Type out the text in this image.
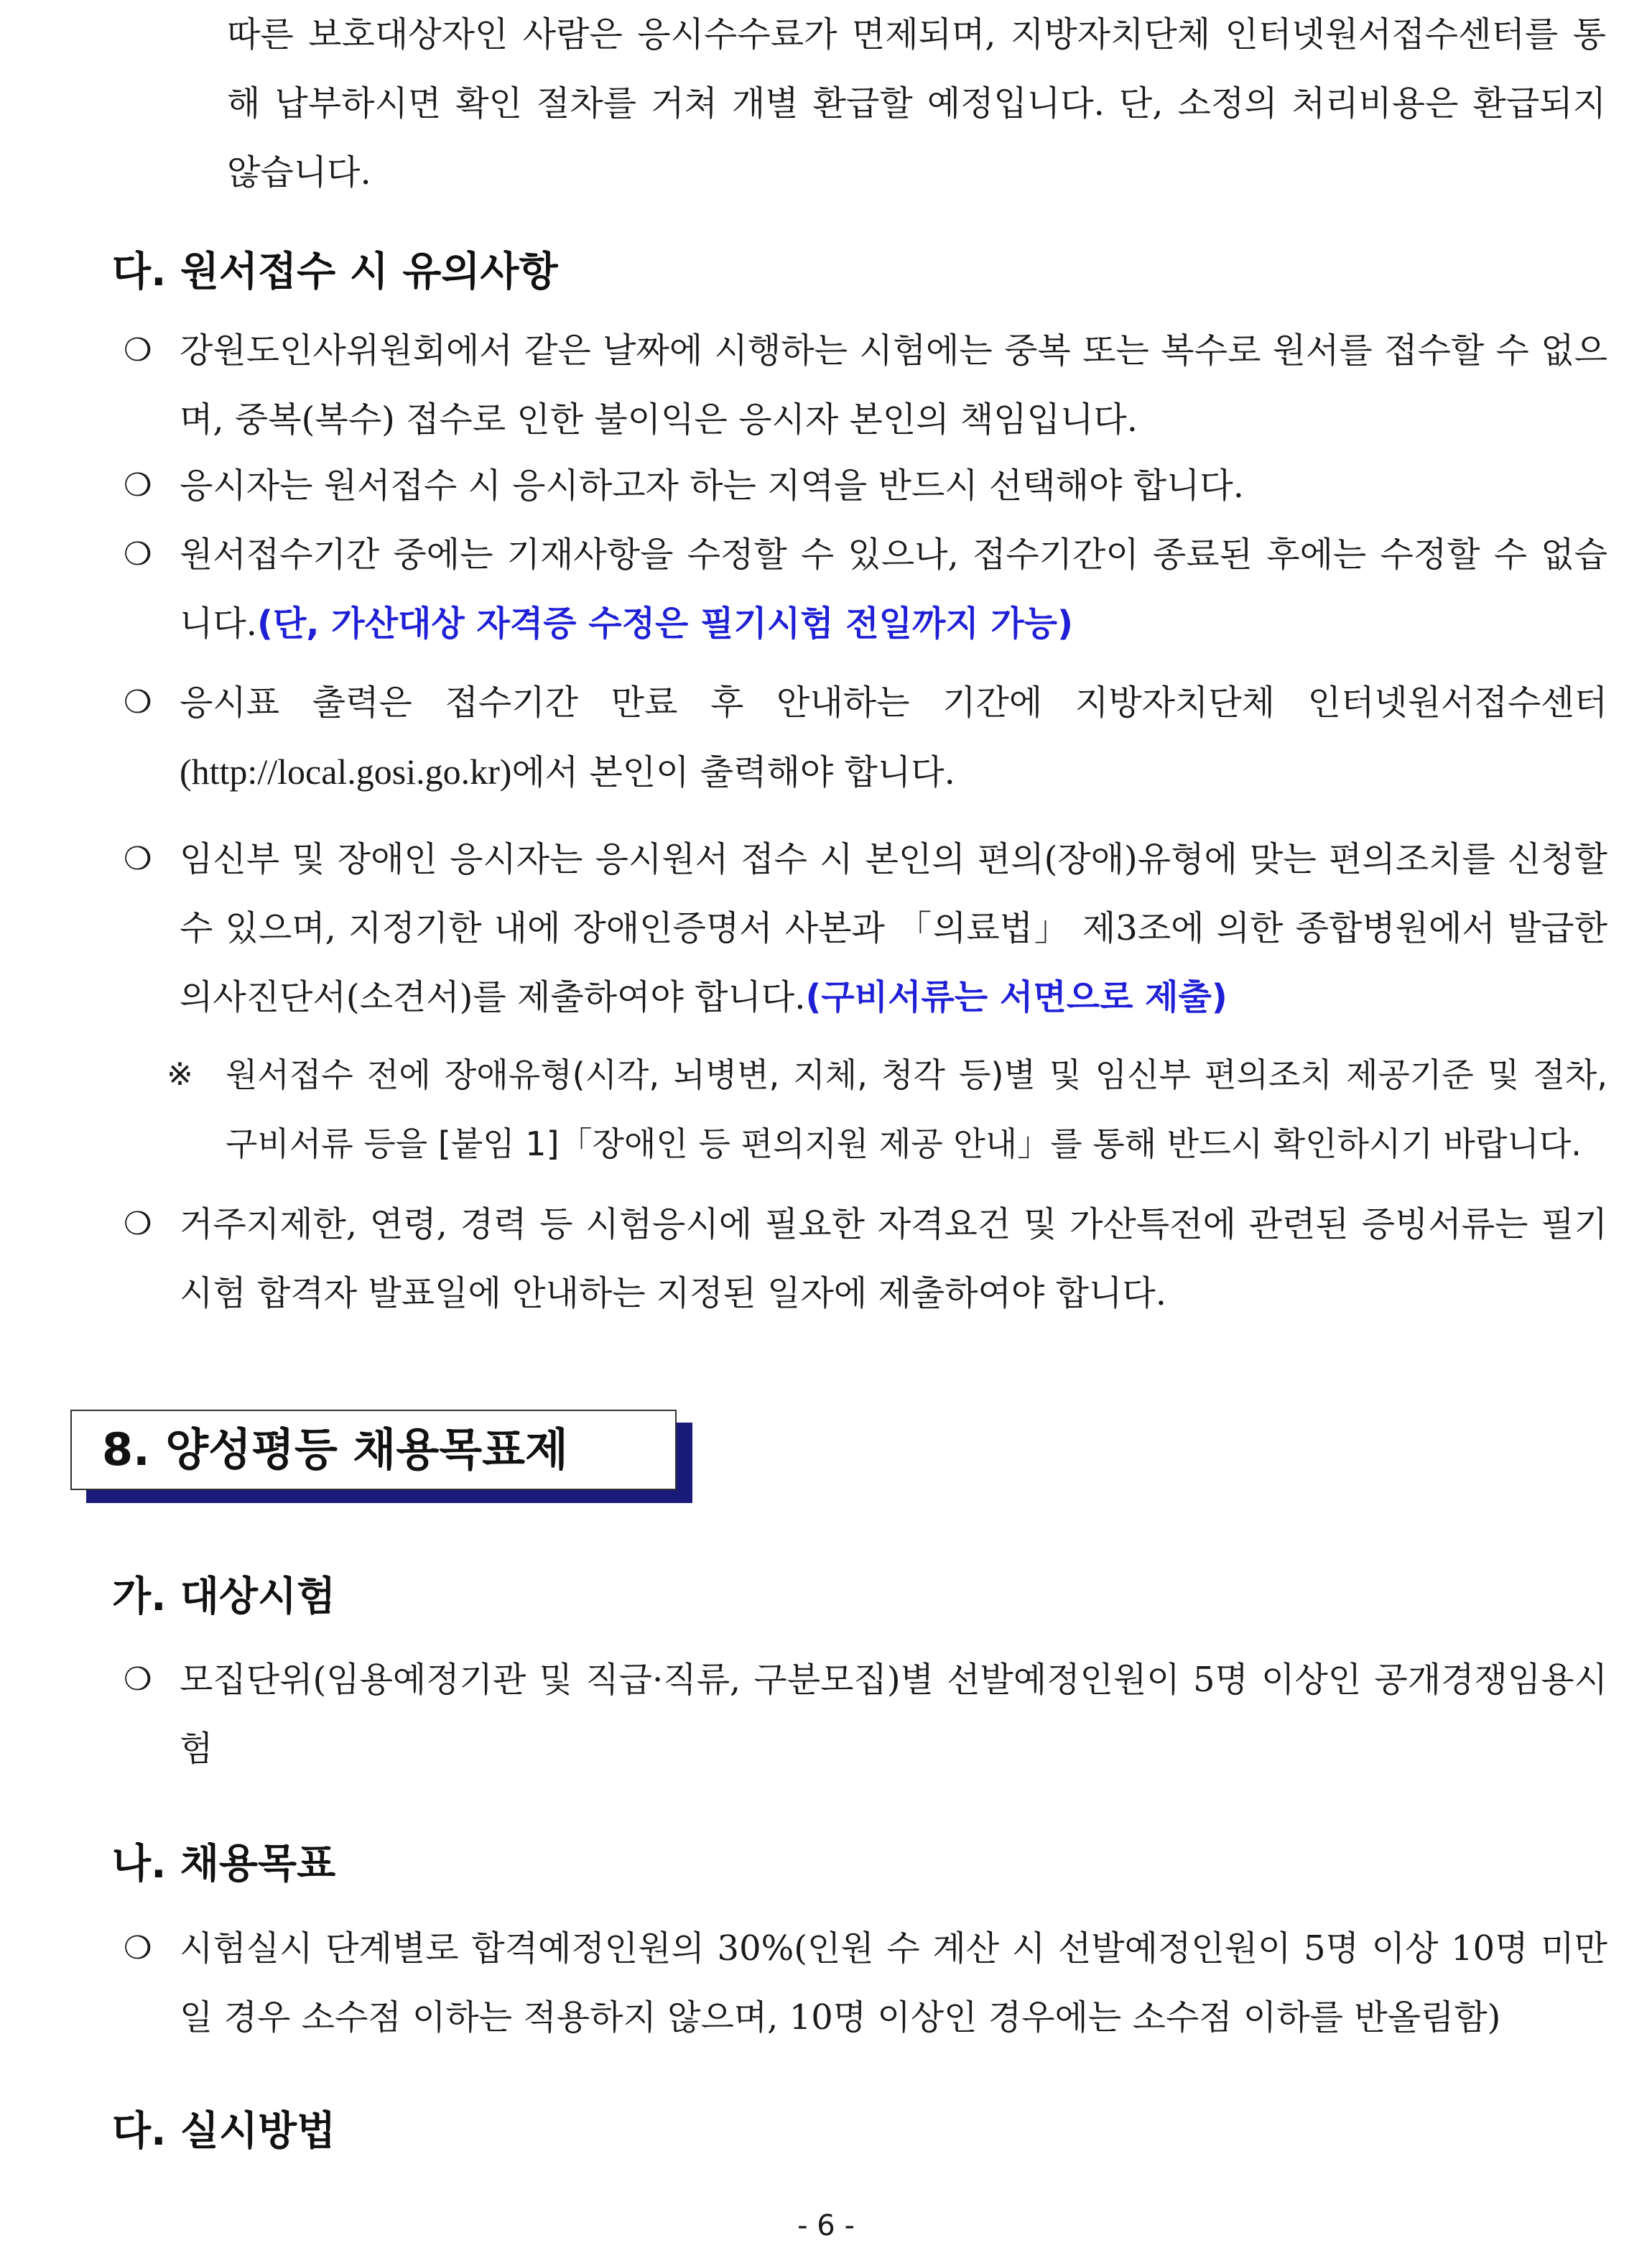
따른 보호대상자인 사람은 응시수수료가 면제되며, 지방자치단체 인터넷원서접수센터를 통해 납부하시면 확인 절차를 거쳐 개별 환급할 예정입니다. 단, 소정의 처리비용은 환급되지 않습니다.
다. 원서접수 시 유의사항
❍ 강원도인사위원회에서 같은 날짜에 시행하는 시험에는 중복 또는 복수로 원서를 접수할 수 없으며, 중복(복수) 접수로 인한 불이익은 응시자 본인의 책임입니다.
❍ 응시자는 원서접수 시 응시하고자 하는 지역을 반드시 선택해야 합니다.
❍ 원서접수기간 중에는 기재사항을 수정할 수 있으나, 접수기간이 종료된 후에는 수정할 수 없습니다.(단, 가산대상 자격증 수정은 필기시험 전일까지 가능)
❍ 응시표 출력은 접수기간 만료 후 안내하는 기간에 지방자치단체 인터넷원서접수센터 (http://local.gosi.go.kr)에서 본인이 출력해야 합니다.
❍ 임신부 및 장애인 응시자는 응시원서 접수 시 본인의 편의(장애)유형에 맞는 편의조치를 신청할 수 있으며, 지정기한 내에 장애인증명서 사본과 「의료법」 제3조에 의한 종합병원에서 발급한 의사진단서(소견서)를 제출하여야 합니다.(구비서류는 서면으로 제출)
※ 원서접수 전에 장애유형(시각, 뇌병변, 지체, 청각 등)별 및 임신부 편의조치 제공기준 및 절차, 구비서류 등을 [붙임 1]「장애인 등 편의지원 제공 안내」를 통해 반드시 확인하시기 바랍니다.
❍ 거주지제한, 연령, 경력 등 시험응시에 필요한 자격요건 및 가산특전에 관련된 증빙서류는 필기시험 합격자 발표일에 안내하는 지정된 일자에 제출하여야 합니다.
8. 양성평등 채용목표제
가. 대상시험
❍ 모집단위(임용예정기관 및 직급·직류, 구분모집)별 선발예정인원이 5명 이상인 공개경쟁임용시험
나. 채용목표
❍ 시험실시 단계별로 합격예정인원의 30%(인원 수 계산 시 선발예정인원이 5명 이상 10명 미만일 경우 소수점 이하는 적용하지 않으며, 10명 이상인 경우에는 소수점 이하를 반올림함)
다. 실시방법
- 6 -
